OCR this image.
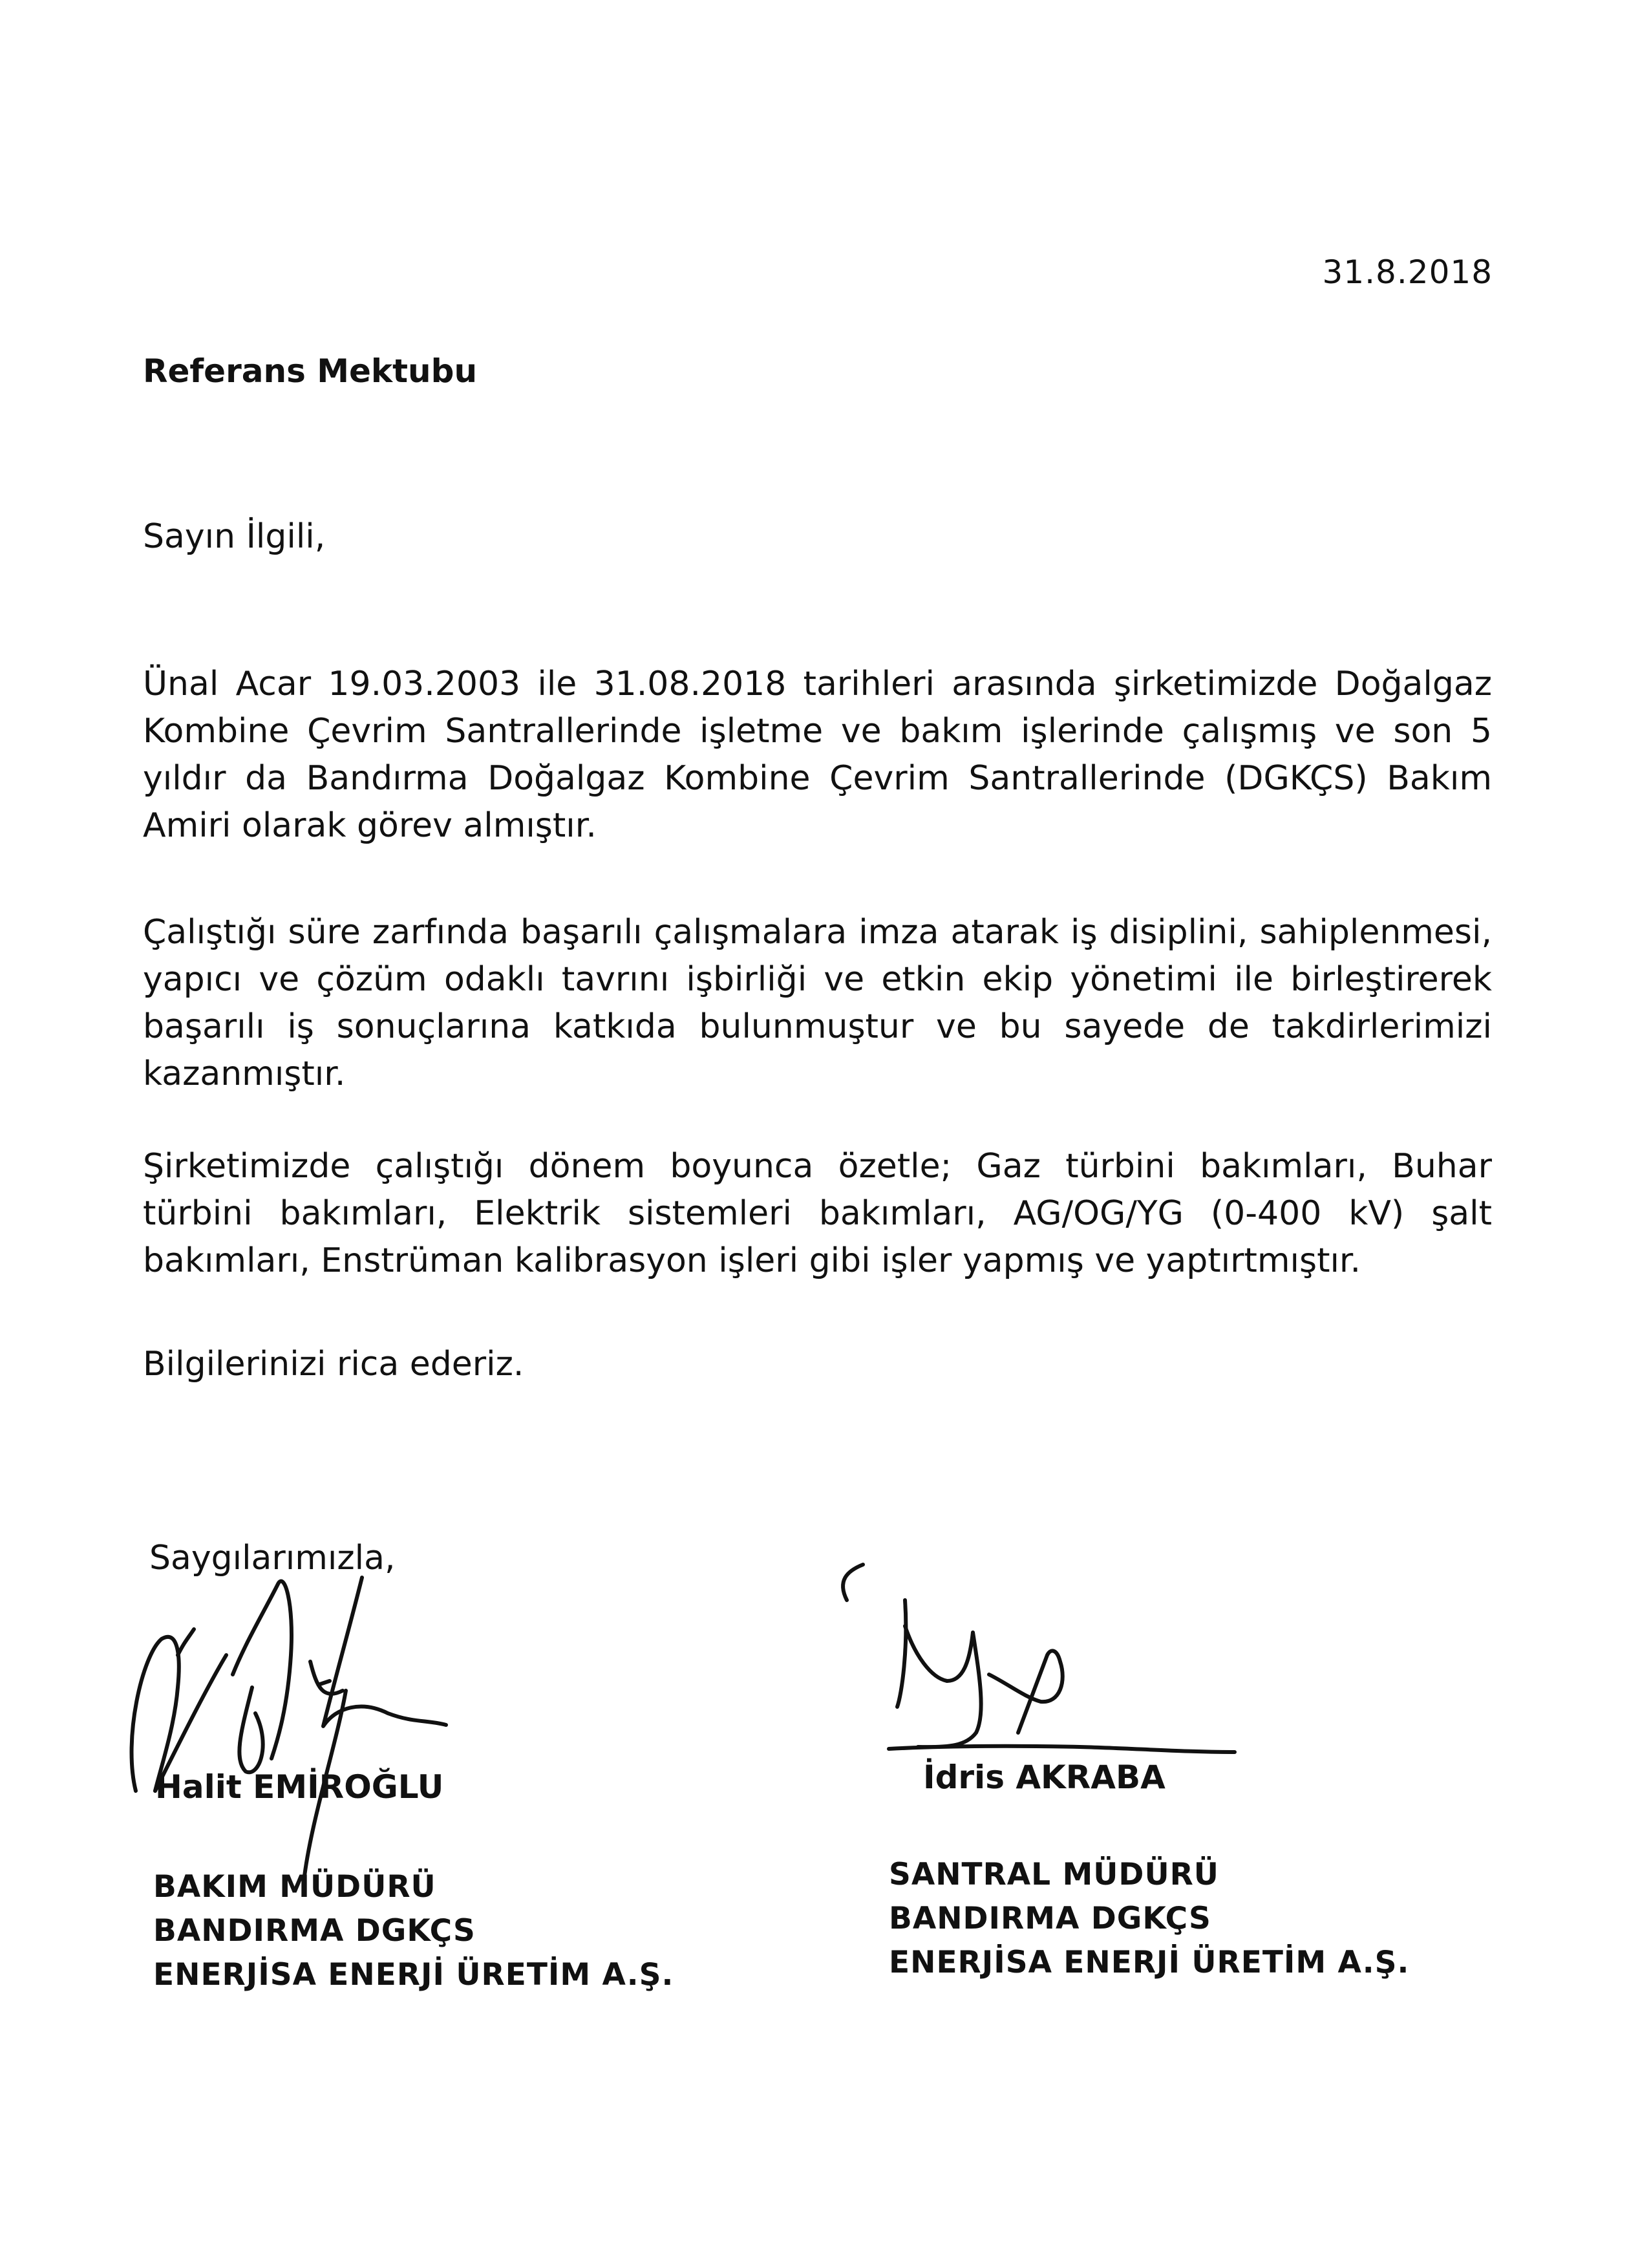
31.8.2018
Referans Mektubu
Sayın İlgili,
Ünal Acar 19.03.2003 ile 31.08.2018 tarihleri arasında şirketimizde Doğalgaz Kombine Çevrim Santrallerinde işletme ve bakım işlerinde çalışmış ve son 5 yıldır da Bandırma Doğalgaz Kombine Çevrim Santrallerinde (DGKÇS) Bakım Amiri olarak görev almıştır.
Çalıştığı süre zarfında başarılı çalışmalara imza atarak iş disiplini, sahiplenmesi, yapıcı ve çözüm odaklı tavrını işbirliği ve etkin ekip yönetimi ile birleştirerek başarılı iş sonuçlarına katkıda bulunmuştur ve bu sayede de takdirlerimizi kazanmıştır.
Şirketimizde çalıştığı dönem boyunca özetle; Gaz türbini bakımları, Buhar türbini bakımları, Elektrik sistemleri bakımları, AG/OG/YG (0-400 kV) şalt bakımları, Enstrüman kalibrasyon işleri gibi işler yapmış ve yaptırtmıştır.
Bilgilerinizi rica ederiz.
Saygılarımızla,
Halit EMİROĞLU
BAKIM MÜDÜRÜ
BANDIRMA DGKÇS
ENERJİSA ENERJİ ÜRETİM A.Ş.
İdris AKRABA
SANTRAL MÜDÜRÜ
BANDIRMA DGKÇS
ENERJİSA ENERJİ ÜRETİM A.Ş.
